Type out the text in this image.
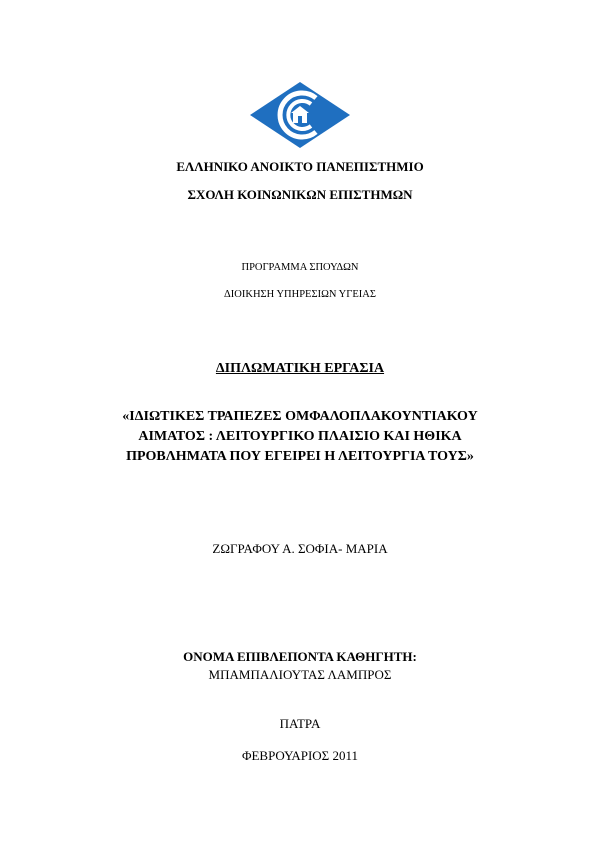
ΕΛΛΗΝΙΚΟ ΑΝΟΙΚΤΟ ΠΑΝΕΠΙΣΤΗΜΙΟ
ΣΧΟΛΗ ΚΟΙΝΩΝΙΚΩΝ ΕΠΙΣΤΗΜΩΝ
ΠΡΟΓΡΑΜΜΑ ΣΠΟΥΔΩΝ
ΔΙΟΙΚΗΣΗ ΥΠΗΡΕΣΙΩΝ ΥΓΕΙΑΣ
ΔΙΠΛΩΜΑΤΙΚΗ ΕΡΓΑΣΙΑ
«ΙΔΙΩΤΙΚΕΣ ΤΡΑΠΕΖΕΣ ΟΜΦΑΛΟΠΛΑΚΟΥΝΤΙΑΚΟΥ
ΑΙΜΑΤΟΣ : ΛΕΙΤΟΥΡΓΙΚΟ ΠΛΑΙΣΙΟ ΚΑΙ ΗΘΙΚΑ
ΠΡΟΒΛΗΜΑΤΑ ΠΟΥ ΕΓΕΙΡΕΙ Η ΛΕΙΤΟΥΡΓΙΑ ΤΟΥΣ»
ΖΩΓΡΑΦΟΥ Α. ΣΟΦΙΑ- ΜΑΡΙΑ
ΟΝΟΜΑ ΕΠΙΒΛΕΠΟΝΤΑ ΚΑΘΗΓΗΤΗ:
ΜΠΑΜΠΑΛΙΟΥΤΑΣ ΛΑΜΠΡΟΣ
ΠΑΤΡΑ
ΦΕΒΡΟΥΑΡΙΟΣ 2011
